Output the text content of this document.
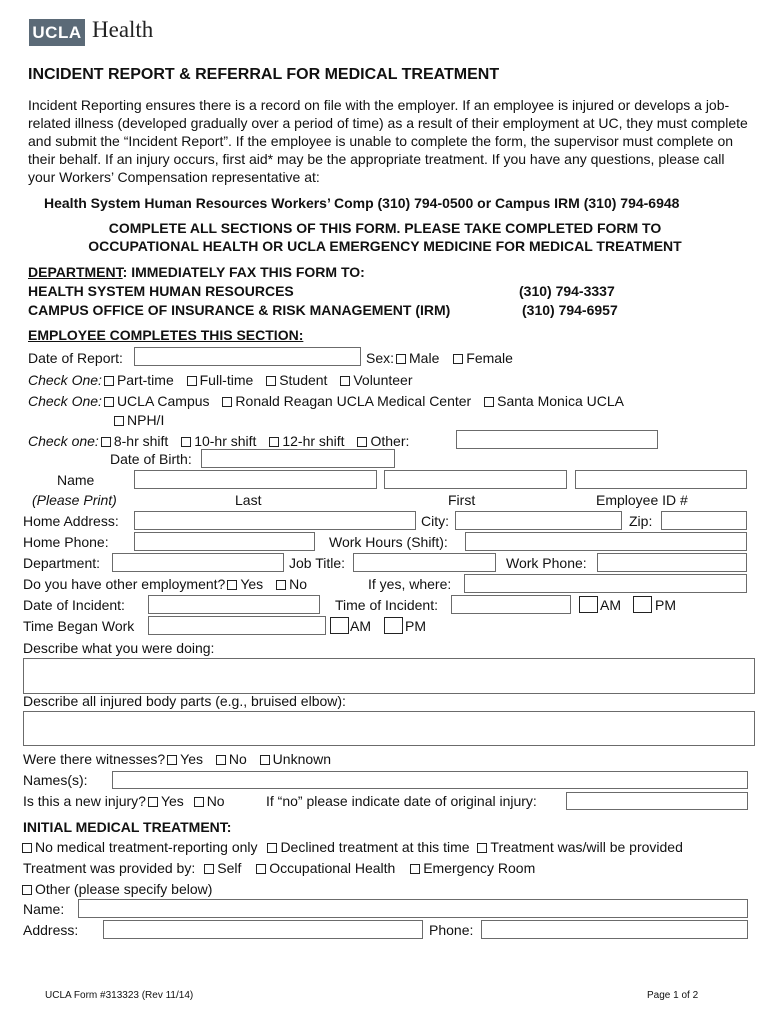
UCLA Health
INCIDENT REPORT & REFERRAL FOR MEDICAL TREATMENT
Incident Reporting ensures there is a record on file with the employer. If an employee is injured or develops a job-related illness (developed gradually over a period of time) as a result of their employment at UC, they must complete and submit the “Incident Report”. If the employee is unable to complete the form, the supervisor must complete on their behalf. If an injury occurs, first aid* may be the appropriate treatment. If you have any questions, please call your Workers’ Compensation representative at:
Health System Human Resources Workers’ Comp (310) 794-0500 or Campus IRM (310) 794-6948
COMPLETE ALL SECTIONS OF THIS FORM. PLEASE TAKE COMPLETED FORM TO
OCCUPATIONAL HEALTH OR UCLA EMERGENCY MEDICINE FOR MEDICAL TREATMENT
DEPARTMENT: IMMEDIATELY FAX THIS FORM TO:
HEALTH SYSTEM HUMAN RESOURCES	(310) 794-3337
CAMPUS OFFICE OF INSURANCE & RISK MANAGEMENT (IRM)	(310) 794-6957
EMPLOYEE COMPLETES THIS SECTION:
Date of Report:	Sex: Male Female
Check One: Part-time Full-time Student Volunteer
Check One: UCLA Campus Ronald Reagan UCLA Medical Center Santa Monica UCLA
NPH/I
Check one: 8-hr shift 10-hr shift 12-hr shift Other:
Date of Birth:
Name
(Please Print)	Last	First	Employee ID #
Home Address:	City:	Zip:
Home Phone:	Work Hours (Shift):
Department:	Job Title:	Work Phone:
Do you have other employment? Yes No	If yes, where:
Date of Incident:	Time of Incident:	AM PM
Time Began Work	AM PM
Describe what you were doing:
Describe all injured body parts (e.g., bruised elbow):
Were there witnesses? Yes No Unknown
Names(s):
Is this a new injury? Yes No	If “no” please indicate date of original injury:
INITIAL MEDICAL TREATMENT:
No medical treatment-reporting only Declined treatment at this time Treatment was/will be provided
Treatment was provided by: Self Occupational Health Emergency Room
Other (please specify below)
Name:
Address:	Phone:
UCLA Form #313323 (Rev 11/14)	Page 1 of 2
